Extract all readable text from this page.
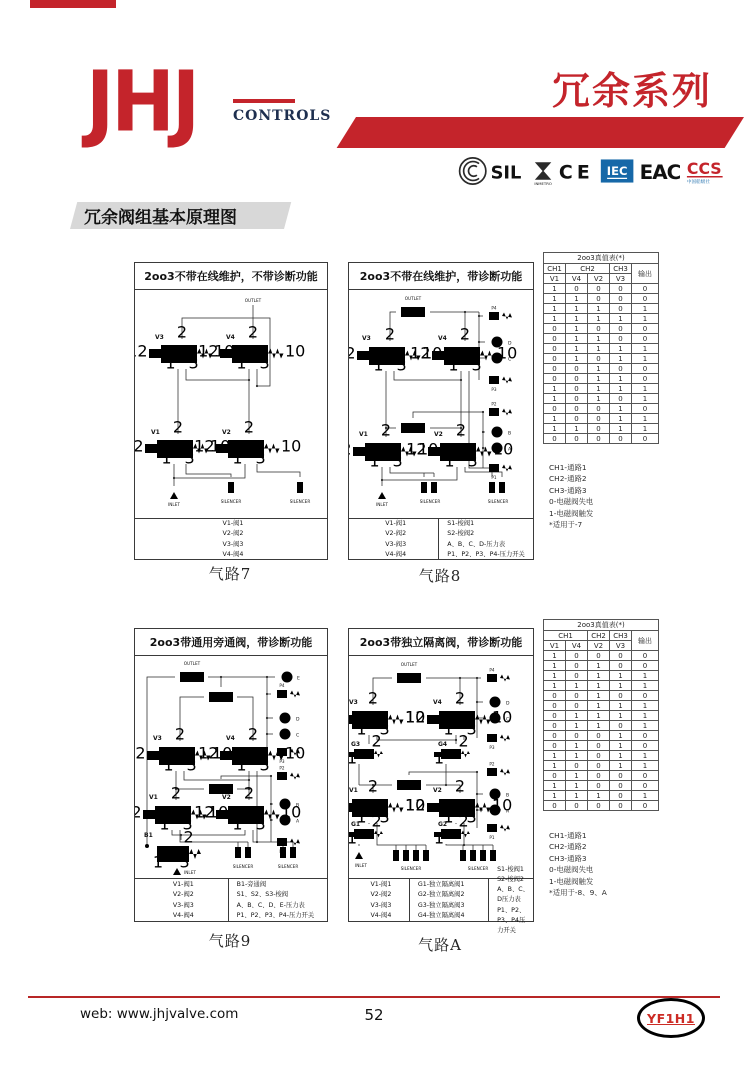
JHJ	CONTROLS
冗余系列
SIL
INMETRO
CE IEC EAC CCS
中国船级社
冗余阀组基本原理图
2oo3不带在线维护，不带诊断功能
V3	V4
V1	V2
OUTLET
INLET
SILENCER	SILENCER
V1-阀1
V2-阀2
V3-阀3
V4-阀4
气路7
2oo3不带在线维护，带诊断功能
OUTLET
V3	V4
P4
D
C
P3
V1	V2
P2
B
A
P1
INLET
SILENCER	SILENCER
V1-阀1
V2-阀2
V3-阀3
V4-阀4
S1-梭阀1
S2-梭阀2
A、B、C、D-压力表
P1、P2、P3、P4-压力开关
气路8
2oo3真值表(*)				
CH1	CH2		CH3	输出
V1	V4	V2	V3	
1	0	0	0	0
1	1	0	0	0
1	1	1	0	1
1	1	1	1	1
0	1	0	0	0
0	1	1	0	0
0	1	1	1	1
0	1	0	1	1
0	0	1	0	0
0	0	1	1	0
1	0	1	1	1
1	0	1	0	1
0	0	0	1	0
1	0	0	1	1
1	1	0	1	1
0	0	0	0	0
CH1-通路1
CH2-通路2
CH3-通路3
0-电磁阀失电
1-电磁阀触发
*适用于-7
2oo3带通用旁通阀，带诊断功能
OUTLET
E
P4
D
C
P3
V3	V4
P2
A
V1	V2
B1
INLET
SILENCER	SILENCER
V1-阀1
V2-阀2
V3-阀3
V4-阀4
B1-旁通阀
S1、S2、S3-梭阀
A、B、C、D、E-压力表
P1、P2、P3、P4-压力开关
气路9
2oo3带独立隔离阀，带诊断功能
OUTLET
V3	V4
P4
D
C
P3
G3	G4
P2
P1
V1	V2
G1	G2
INLET
SILENCER	SILENCER
V1-阀1
V2-阀2
V3-阀3
V4-阀4
G1-独立隔离阀1
G2-独立隔离阀2
G3-独立隔离阀3
G4-独立隔离阀4
S1-梭阀1
S2-梭阀2
A、B、C、D压力表
P1、P2、P3、P4压力开关
气路A
2oo3真值表(*)				
CH1		CH2	CH3	输出
V1	V4	V2	V3	
1	0	0	0	0
1	0	1	0	0
1	0	1	1	1
1	1	1	1	1
0	0	1	0	0
0	0	1	1	1
0	1	1	1	1
0	1	1	0	1
0	0	0	1	0
0	1	0	1	0
1	1	0	1	1
1	0	0	1	1
0	1	0	0	0
1	1	0	0	0
1	1	1	0	1
0	0	0	0	0
CH1-通路1
CH2-通路2
CH3-通路3
0-电磁阀失电
1-电磁阀触发
*适用于-8、9、A
web: www.jhjvalve.com	52	YF1H1
